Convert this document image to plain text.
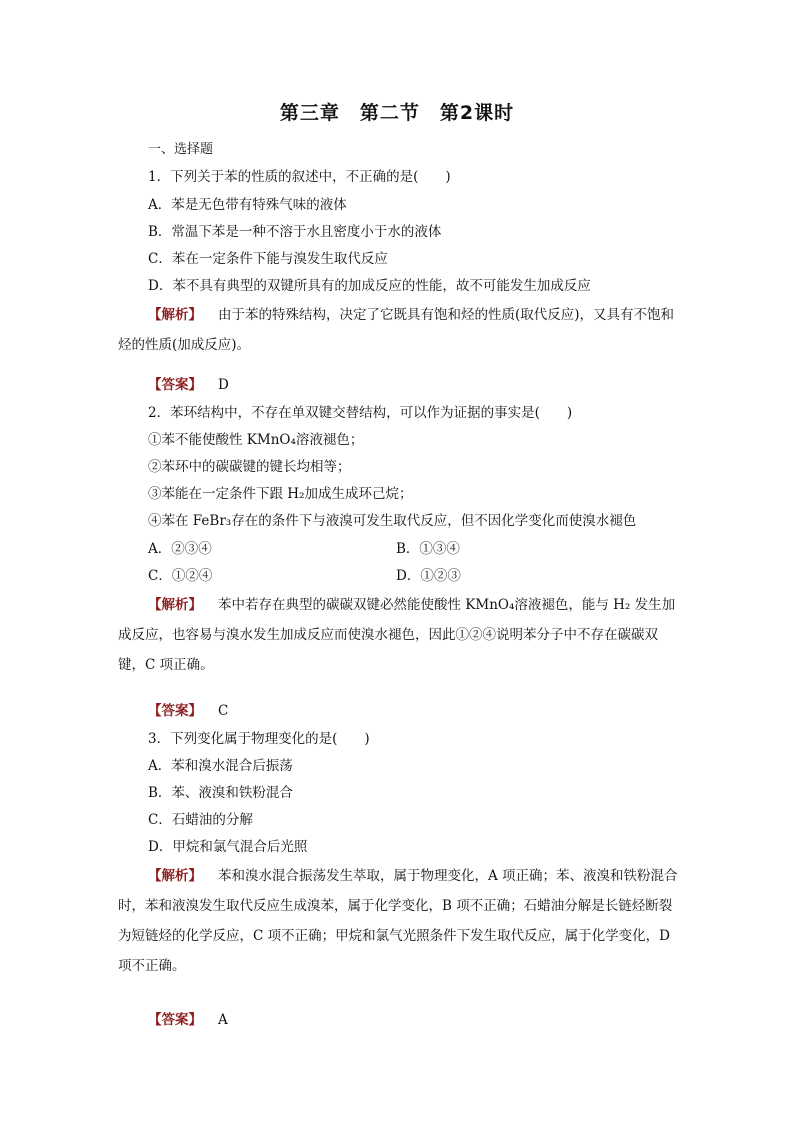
第三章　第二节　第2课时
一、选择题
1．下列关于苯的性质的叙述中，不正确的是(　　)
A．苯是无色带有特殊气味的液体
B．常温下苯是一种不溶于水且密度小于水的液体
C．苯在一定条件下能与溴发生取代反应
D．苯不具有典型的双键所具有的加成反应的性能，故不可能发生加成反应
【解析】 由于苯的特殊结构，决定了它既具有饱和烃的性质(取代反应)，又具有不饱和烃的性质(加成反应)。
【答案】 D
2．苯环结构中，不存在单双键交替结构，可以作为证据的事实是(　　)
①苯不能使酸性 KMnO₄溶液褪色；
②苯环中的碳碳键的键长均相等；
③苯能在一定条件下跟 H₂加成生成环己烷；
④苯在 FeBr₃存在的条件下与液溴可发生取代反应，但不因化学变化而使溴水褪色
A．②③④	B．①③④
C．①②④	D．①②③
【解析】 苯中若存在典型的碳碳双键必然能使酸性 KMnO₄溶液褪色，能与 H₂ 发生加成反应，也容易与溴水发生加成反应而使溴水褪色，因此①②④说明苯分子中不存在碳碳双键，C 项正确。
【答案】 C
3．下列变化属于物理变化的是(　　)
A．苯和溴水混合后振荡
B．苯、液溴和铁粉混合
C．石蜡油的分解
D．甲烷和氯气混合后光照
【解析】 苯和溴水混合振荡发生萃取，属于物理变化，A 项正确；苯、液溴和铁粉混合时，苯和液溴发生取代反应生成溴苯，属于化学变化，B 项不正确；石蜡油分解是长链烃断裂为短链烃的化学反应，C 项不正确；甲烷和氯气光照条件下发生取代反应，属于化学变化，D 项不正确。
【答案】 A
